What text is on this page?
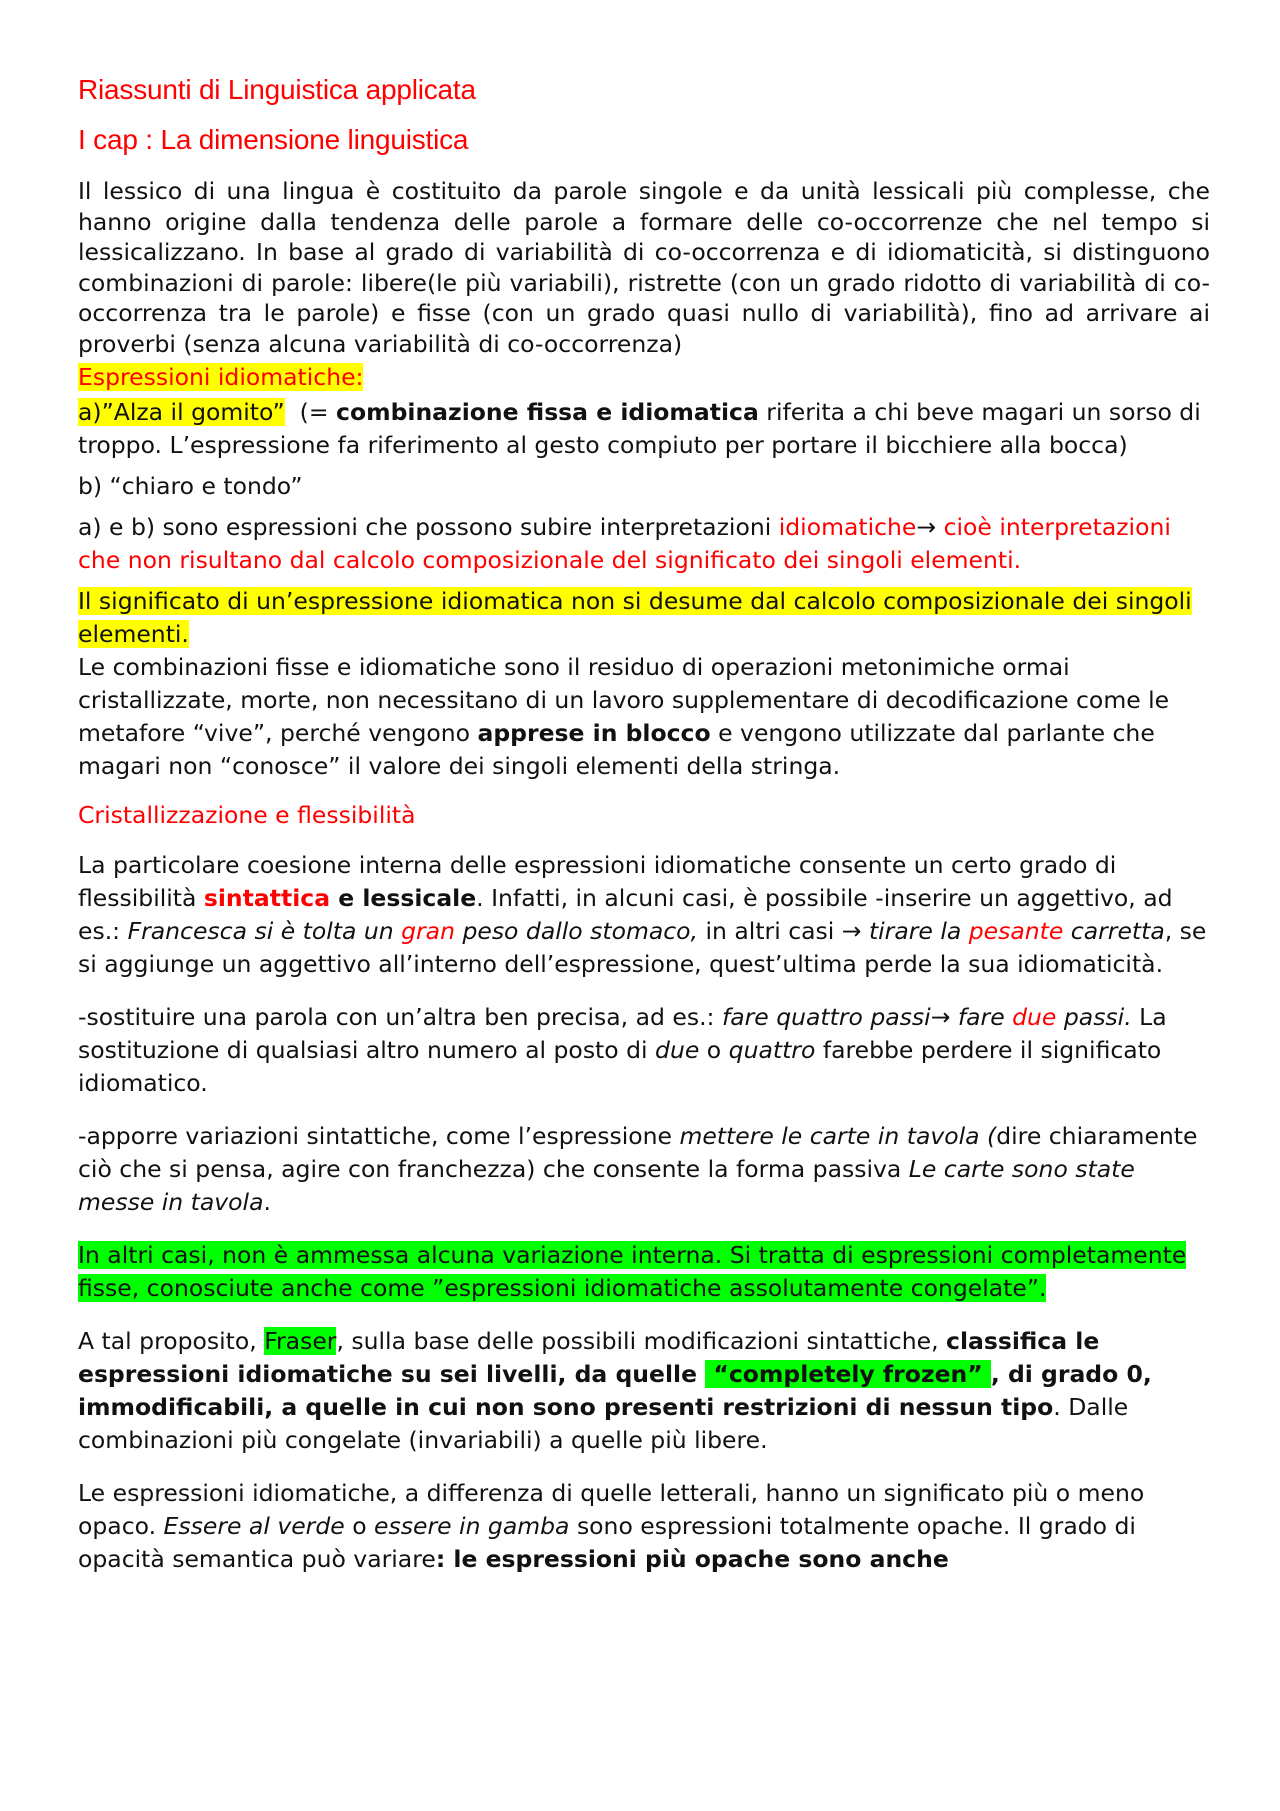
Riassunti di Linguistica applicata
I cap : La dimensione linguistica

Il lessico di una lingua è costituito da parole singole e da unità lessicali più complesse, che hanno origine dalla tendenza delle parole a formare delle co-occorrenze che nel tempo si lessicalizzano. In base al grado di variabilità di co-occorrenza e di idiomaticità, si distinguono combinazioni di parole: libere(le più variabili), ristrette (con un grado ridotto di variabilità di co-occorrenza tra le parole) e fisse (con un grado quasi nullo di variabilità), fino ad arrivare ai proverbi (senza alcuna variabilità di co-occorrenza)

Espressioni idiomatiche:

a)”Alza il gomito”  (= combinazione fissa e idiomatica riferita a chi beve magari un sorso di troppo. L’espressione fa riferimento al gesto compiuto per portare il bicchiere alla bocca)

b) “chiaro e tondo”

a) e b) sono espressioni che possono subire interpretazioni idiomatiche→ cioè interpretazioni che non risultano dal calcolo composizionale del significato dei singoli elementi.

Il significato di un’espressione idiomatica non si desume dal calcolo composizionale dei singoli elementi.

Le combinazioni fisse e idiomatiche sono il residuo di operazioni metonimiche ormai cristallizzate, morte, non necessitano di un lavoro supplementare di decodificazione come le metafore “vive”, perché vengono apprese in blocco e vengono utilizzate dal parlante che magari non “conosce” il valore dei singoli elementi della stringa.

Cristallizzazione e flessibilità

La particolare coesione interna delle espressioni idiomatiche consente un certo grado di flessibilità sintattica e lessicale. Infatti, in alcuni casi, è possibile -inserire un aggettivo, ad es.: Francesca si è tolta un gran peso dallo stomaco, in altri casi → tirare la pesante carretta, se si aggiunge un aggettivo all’interno dell’espressione, quest’ultima perde la sua idiomaticità.

-sostituire una parola con un’altra ben precisa, ad es.: fare quattro passi→ fare due passi. La sostituzione di qualsiasi altro numero al posto di due o quattro farebbe perdere il significato idiomatico.

-apporre variazioni sintattiche, come l’espressione mettere le carte in tavola (dire chiaramente ciò che si pensa, agire con franchezza) che consente la forma passiva Le carte sono state messe in tavola.

In altri casi, non è ammessa alcuna variazione interna. Si tratta di espressioni completamente fisse, conosciute anche come ”espressioni idiomatiche assolutamente congelate”.

A tal proposito, Fraser, sulla base delle possibili modificazioni sintattiche, classifica le espressioni idiomatiche su sei livelli, da quelle  “completely frozen” , di grado 0, immodificabili, a quelle in cui non sono presenti restrizioni di nessun tipo. Dalle combinazioni più congelate (invariabili) a quelle più libere.

Le espressioni idiomatiche, a differenza di quelle letterali, hanno un significato più o meno opaco. Essere al verde o essere in gamba sono espressioni totalmente opache. Il grado di opacità semantica può variare: le espressioni più opache sono anche
